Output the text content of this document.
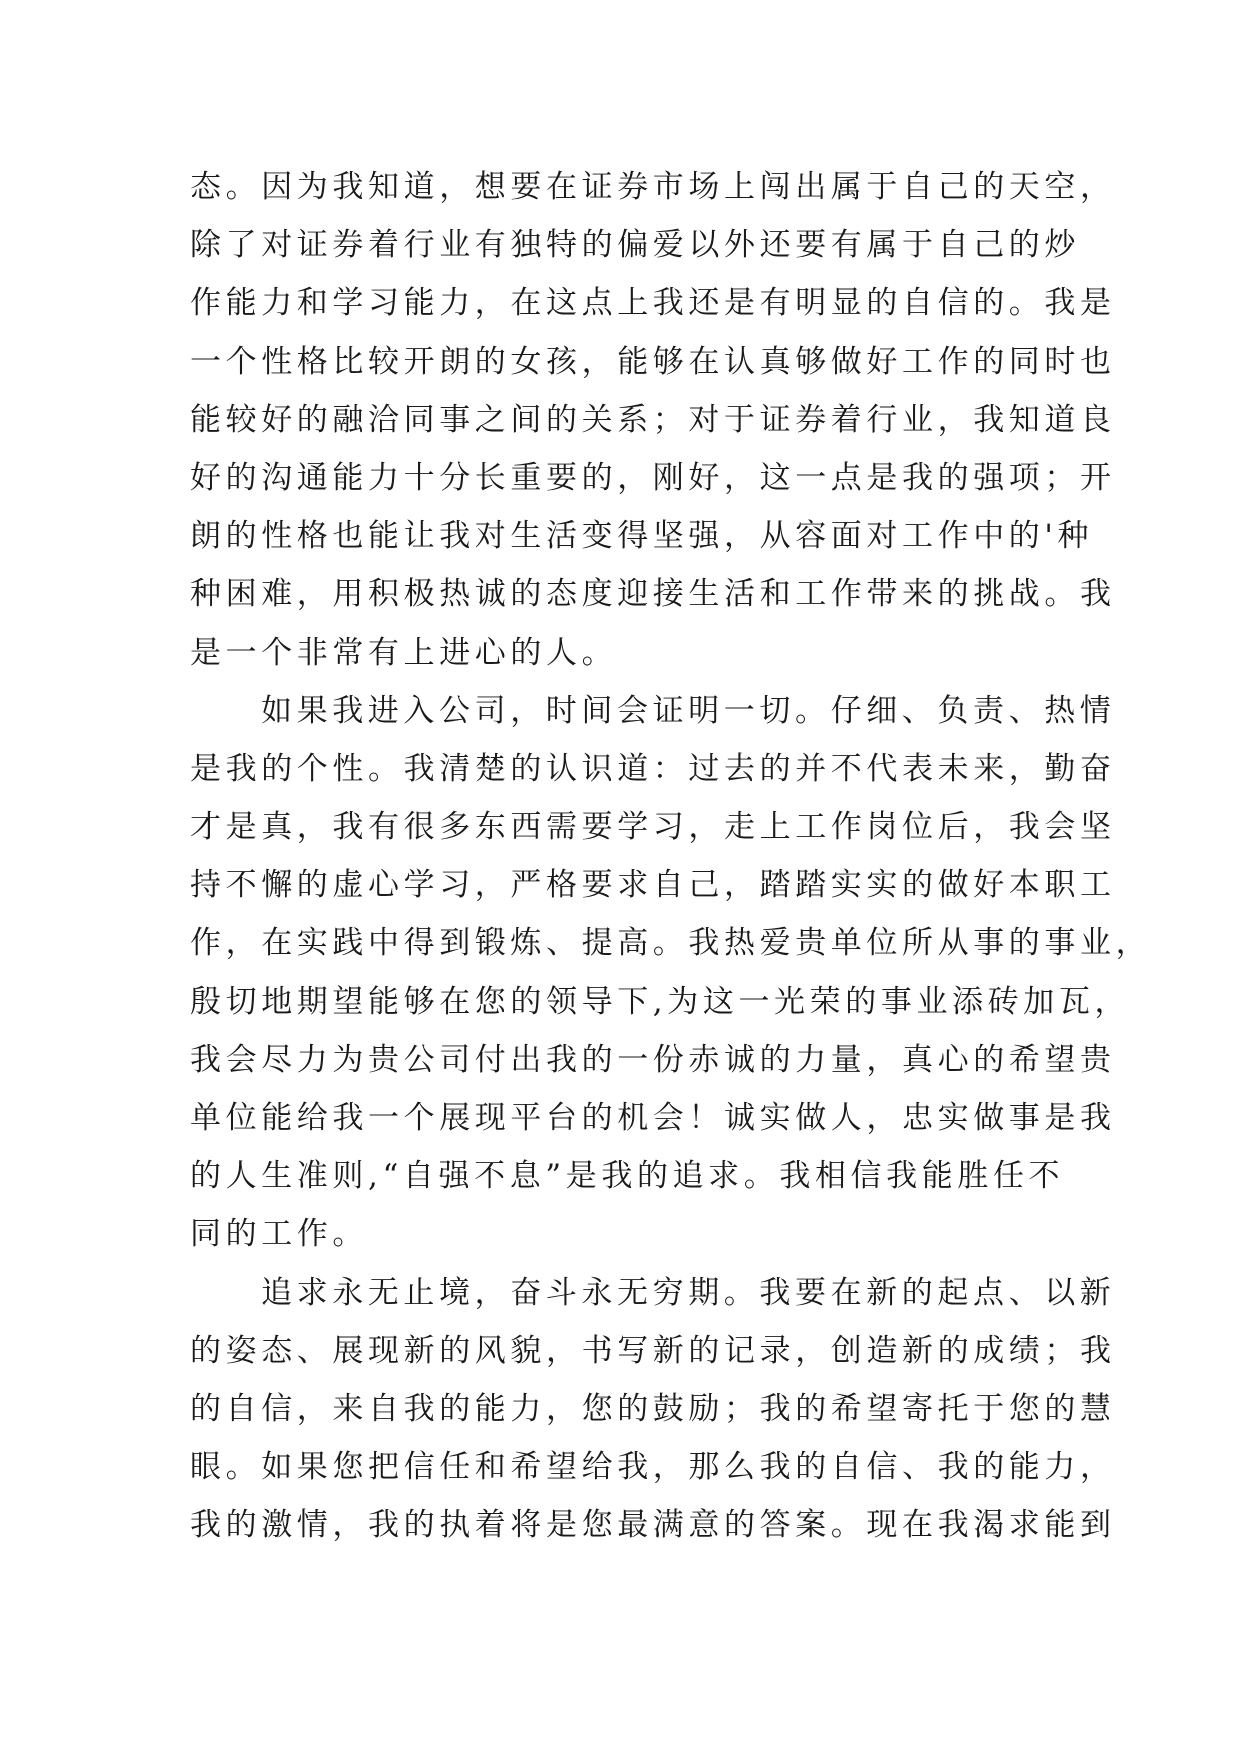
态。因为我知道，想要在证券市场上闯出属于自己的天空，
除了对证券着行业有独特的偏爱以外还要有属于自己的炒
作能力和学习能力，在这点上我还是有明显的自信的。我是
一个性格比较开朗的女孩，能够在认真够做好工作的同时也
能较好的融洽同事之间的关系；对于证券着行业，我知道良
好的沟通能力十分长重要的，刚好，这一点是我的强项；开
朗的性格也能让我对生活变得坚强，从容面对工作中的'种
种困难，用积极热诚的态度迎接生活和工作带来的挑战。我
是一个非常有上进心的人。
如果我进入公司，时间会证明一切。仔细、负责、热情
是我的个性。我清楚的认识道：过去的并不代表未来，勤奋
才是真，我有很多东西需要学习，走上工作岗位后，我会坚
持不懈的虚心学习，严格要求自己，踏踏实实的做好本职工
作，在实践中得到锻炼、提高。我热爱贵单位所从事的事业，
殷切地期望能够在您的领导下,为这一光荣的事业添砖加瓦，
我会尽力为贵公司付出我的一份赤诚的力量，真心的希望贵
单位能给我一个展现平台的机会！诚实做人，忠实做事是我
的人生准则,“自强不息”是我的追求。我相信我能胜任不
同的工作。
追求永无止境，奋斗永无穷期。我要在新的起点、以新
的姿态、展现新的风貌，书写新的记录，创造新的成绩；我
的自信，来自我的能力，您的鼓励；我的希望寄托于您的慧
眼。如果您把信任和希望给我，那么我的自信、我的能力，
我的激情，我的执着将是您最满意的答案。现在我渴求能到
